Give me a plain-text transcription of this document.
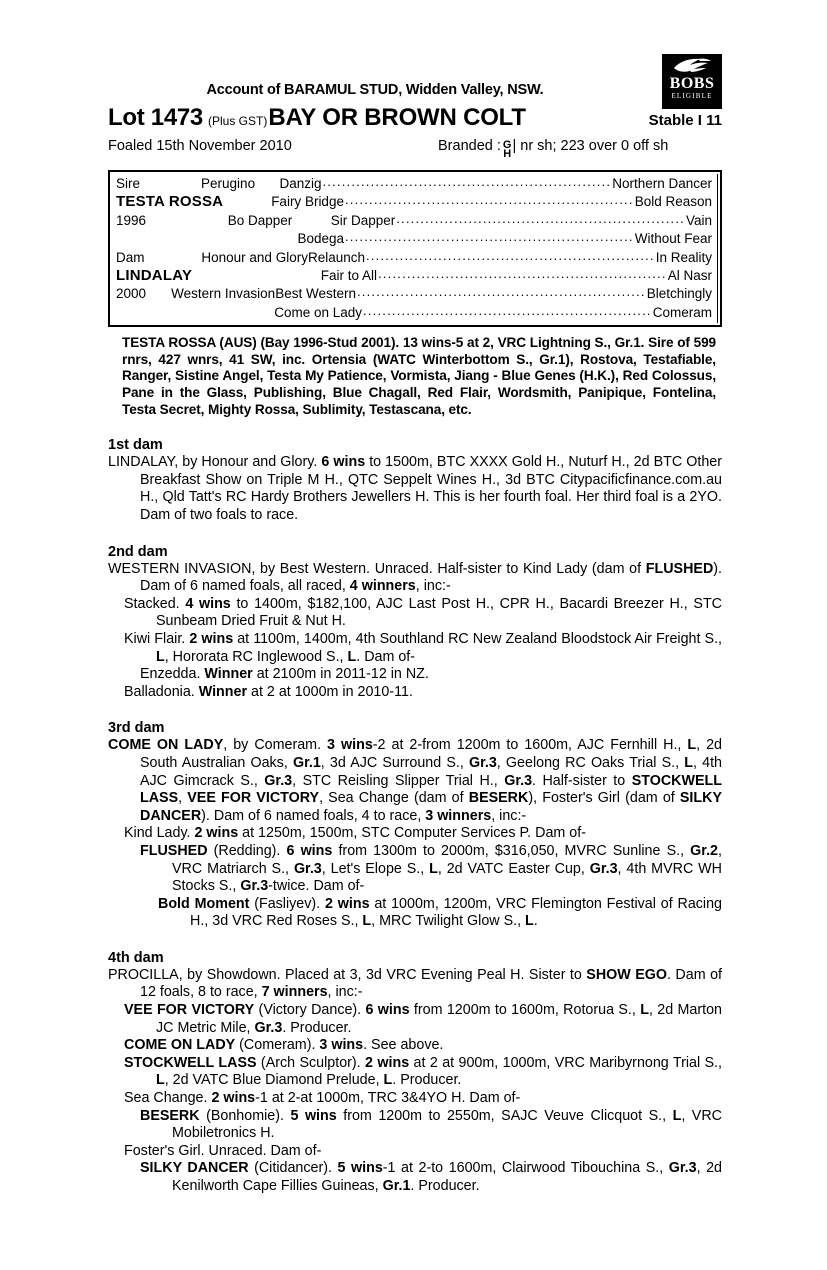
BOBS
ELIGIBLE
Account of BARAMUL STUD, Widden Valley, NSW.
Lot 1473 (Plus GST) BAY OR BROWN COLT	Stable I 11
Foaled 15th November 2010	Branded : G
H | nr sh; 223 over 0 off sh
Sire	Perugino	Danzig ............................................................ Northern Dancer
TESTA ROSSA	Fairy Bridge ............................................................ Bold Reason
1996	Bo Dapper	Sir Dapper ............................................................ Vain
Bodega ............................................................ Without Fear
Dam	Honour and Glory Relaunch ............................................................ In Reality
LINDALAY	Fair to All ............................................................ Al Nasr
2000	Western Invasion Best Western ............................................................ Bletchingly
Come on Lady ............................................................ Comeram
TESTA ROSSA (AUS) (Bay 1996-Stud 2001). 13 wins-5 at 2, VRC Lightning S., Gr.1. Sire of 599 rnrs, 427 wnrs, 41 SW, inc. Ortensia (WATC Winterbottom S., Gr.1), Rostova, Testafiable, Ranger, Sistine Angel, Testa My Patience, Vormista, Jiang - Blue Genes (H.K.), Red Colossus, Pane in the Glass, Publishing, Blue Chagall, Red Flair, Wordsmith, Panipique, Fontelina, Testa Secret, Mighty Rossa, Sublimity, Testascana, etc.
1st dam
LINDALAY, by Honour and Glory. 6 wins to 1500m, BTC XXXX Gold H., Nuturf H., 2d BTC Other Breakfast Show on Triple M H., QTC Seppelt Wines H., 3d BTC Citypacificfinance.com.au H., Qld Tatt's RC Hardy Brothers Jewellers H. This is her fourth foal. Her third foal is a 2YO. Dam of two foals to race.
2nd dam
WESTERN INVASION, by Best Western. Unraced. Half-sister to Kind Lady (dam of FLUSHED). Dam of 6 named foals, all raced, 4 winners, inc:-
Stacked. 4 wins to 1400m, $182,100, AJC Last Post H., CPR H., Bacardi Breezer H., STC Sunbeam Dried Fruit & Nut H.
Kiwi Flair. 2 wins at 1100m, 1400m, 4th Southland RC New Zealand Bloodstock Air Freight S., L, Hororata RC Inglewood S., L. Dam of-
Enzedda. Winner at 2100m in 2011-12 in NZ.
Balladonia. Winner at 2 at 1000m in 2010-11.
3rd dam
COME ON LADY, by Comeram. 3 wins-2 at 2-from 1200m to 1600m, AJC Fernhill H., L, 2d South Australian Oaks, Gr.1, 3d AJC Surround S., Gr.3, Geelong RC Oaks Trial S., L, 4th AJC Gimcrack S., Gr.3, STC Reisling Slipper Trial H., Gr.3. Half-sister to STOCKWELL LASS, VEE FOR VICTORY, Sea Change (dam of BESERK), Foster's Girl (dam of SILKY DANCER). Dam of 6 named foals, 4 to race, 3 winners, inc:-
Kind Lady. 2 wins at 1250m, 1500m, STC Computer Services P. Dam of-
FLUSHED (Redding). 6 wins from 1300m to 2000m, $316,050, MVRC Sunline S., Gr.2, VRC Matriarch S., Gr.3, Let's Elope S., L, 2d VATC Easter Cup, Gr.3, 4th MVRC WH Stocks S., Gr.3-twice. Dam of-
Bold Moment (Fasliyev). 2 wins at 1000m, 1200m, VRC Flemington Festival of Racing H., 3d VRC Red Roses S., L, MRC Twilight Glow S., L.
4th dam
PROCILLA, by Showdown. Placed at 3, 3d VRC Evening Peal H. Sister to SHOW EGO. Dam of 12 foals, 8 to race, 7 winners, inc:-
VEE FOR VICTORY (Victory Dance). 6 wins from 1200m to 1600m, Rotorua S., L, 2d Marton JC Metric Mile, Gr.3. Producer.
COME ON LADY (Comeram). 3 wins. See above.
STOCKWELL LASS (Arch Sculptor). 2 wins at 2 at 900m, 1000m, VRC Maribyrnong Trial S., L, 2d VATC Blue Diamond Prelude, L. Producer.
Sea Change. 2 wins-1 at 2-at 1000m, TRC 3&4YO H. Dam of-
BESERK (Bonhomie). 5 wins from 1200m to 2550m, SAJC Veuve Clicquot S., L, VRC Mobiletronics H.
Foster's Girl. Unraced. Dam of-
SILKY DANCER (Citidancer). 5 wins-1 at 2-to 1600m, Clairwood Tibouchina S., Gr.3, 2d Kenilworth Cape Fillies Guineas, Gr.1. Producer.
